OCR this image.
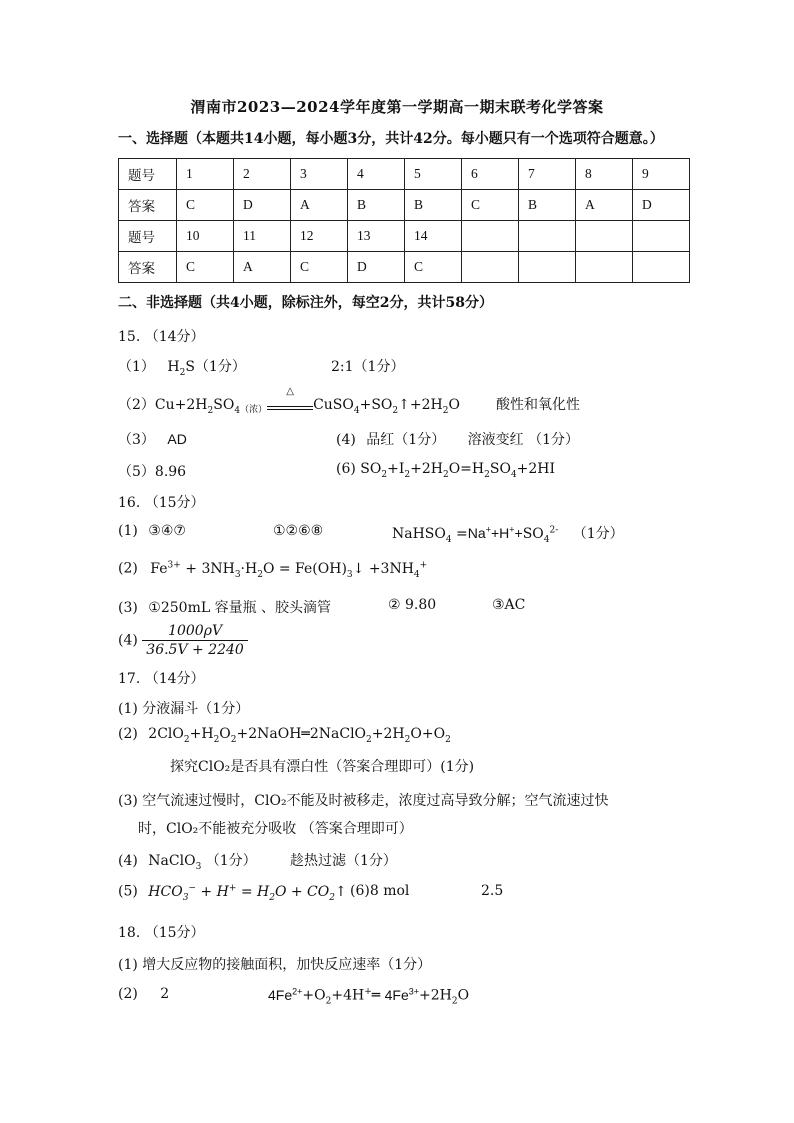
渭南市2023—2024学年度第一学期高一期末联考化学答案
一、选择题（本题共14小题，每小题3分，共计42分。每小题只有一个选项符合题意。）
题号	1	2	3	4	5	6	7	8	9
答案	C	D	A	B	B	C	B	A	D
题号	10	11	12	13	14				
答案	C	A	C	D	C				
二、非选择题（共4小题，除标注外，每空2分，共计58分）
15. （14分）
（1） $H_2S(1$分）	2:1（1分）
$(2)Cu+2H_2SO_{4(浓)}$
△
$CuSO_4+SO_2↑+2H_2O$	酸性和氧化性
（3） AD	(4) 品红（1分） 溶液变红 （1分）
（5）8.96	(6) $SO_2+I_2+2H_2O=H_2SO_4+2HI$
16. （15分）
(1) ③④⑦	①②⑥⑧	NaHSO$_4$ $=Na^++H^++SO_4^{2-}$ （1分）
(2) $Fe^{3+} + 3NH_3\cdot H_2O$ = $Fe(OH)_3↓ +3NH_4^+$
(3) ①250mL 容量瓶 、胶头滴管	② 9.80	③AC
$(4) \frac{1000\rho V}{36.5V + 2240}$
17. （14分）
(1) 分液漏斗（1分）
(2) $2ClO_2+H_2O_2+2NaOH═2NaClO_2+2H_2O+O_2$
探究ClO₂是否具有漂白性（答案合理即可）(1分)
(3) 空气流速过慢时，ClO₂不能及时被移走，浓度过高导致分解；空气流速过快
时，ClO₂不能被充分吸收 （答案合理即可）
(4) NaClO$_3$ （1分） 趁热过滤（1分）
(5) $HCO_3^- + H^+ = H_2O$ + $CO_2↑$ (6)8 mol	2.5
18. （15分）
(1) 增大反应物的接触面积，加快反应速率（1分）
(2) 2	$4Fe^{2+}+O_2+4H^+═$ $4Fe^{3+}+2H_2O$
